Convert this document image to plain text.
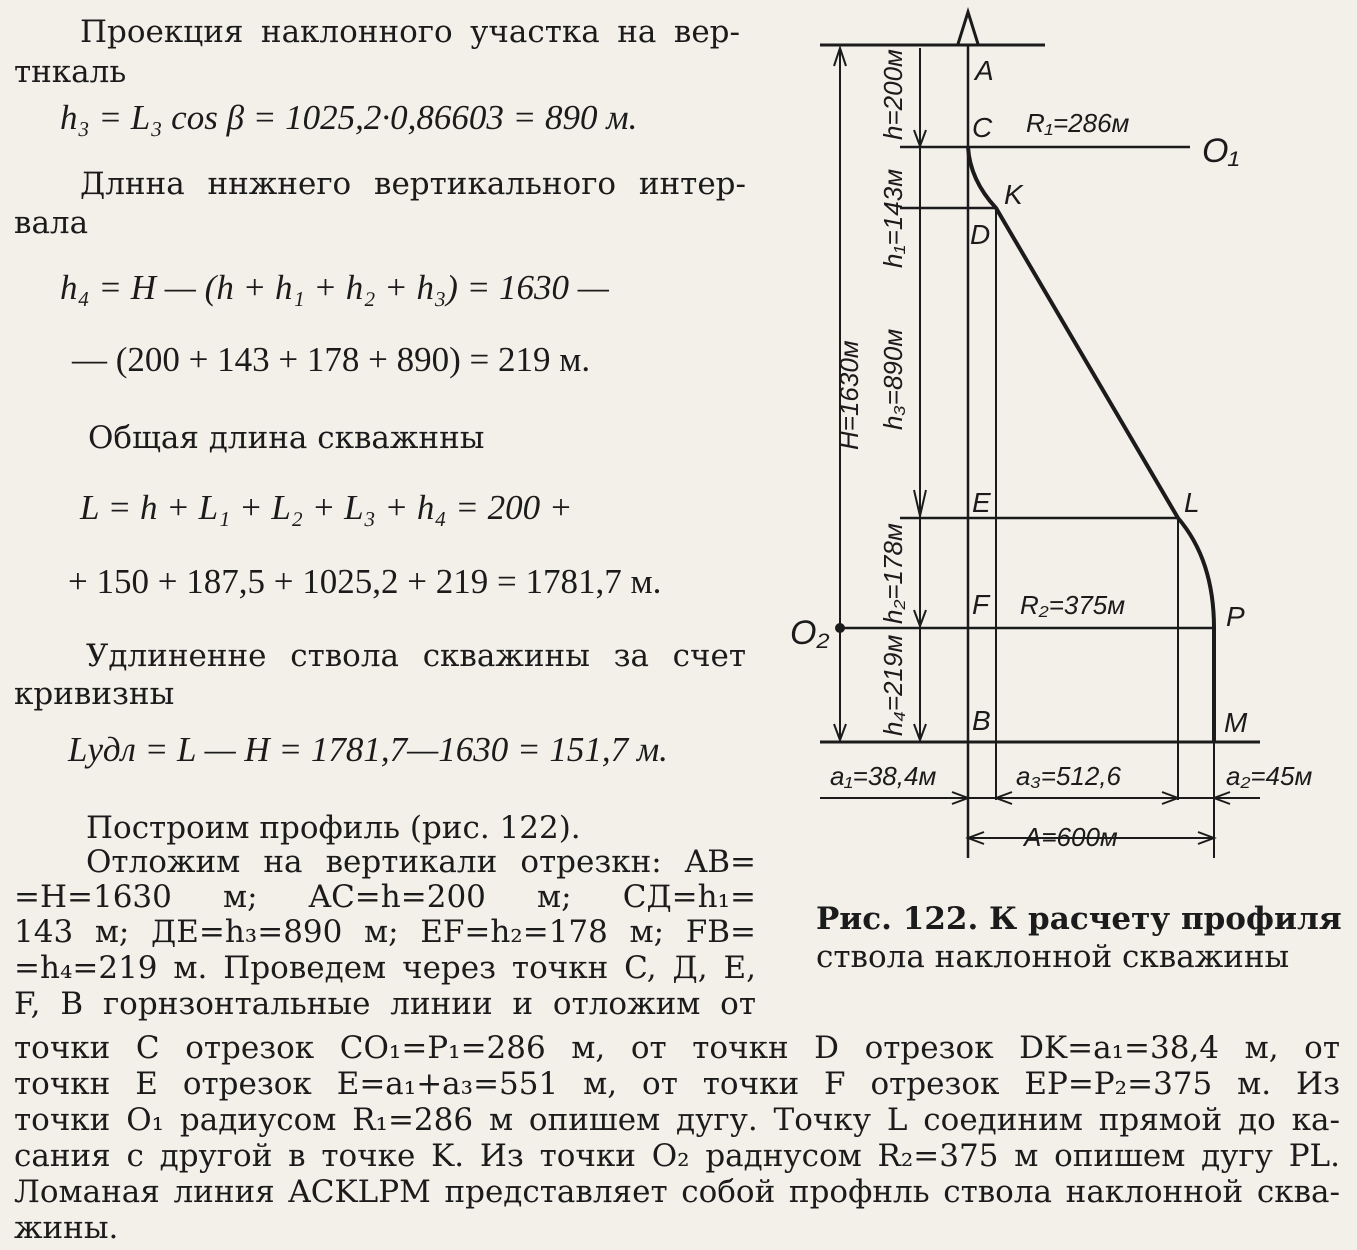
Проекция наклонного участка на вер-
тнкаль
h₃ = L₃ cos β = 1025,2·0,86603 = 890 м.
Длнна ннжнего вертикального интер-
вала
h₄ = H — (h + h₁ + h₂ + h₃) = 1630 —
— (200 + 143 + 178 + 890) = 219 м.
Общая длина скважнны
L = h + L₁ + L₂ + L₃ + h₄ = 200 +
+ 150 + 187,5 + 1025,2 + 219 = 1781,7 м.
Удлиненне ствола скважины за счет
кривизны
Lудл = L — H = 1781,7—1630 = 151,7 м.
Построим профиль (рис. 122).
Отложим на вертикали отрезкн: AB=
=H=1630 м; AC=h=200 м; CД=h₁=
143 м; ДE=h₃=890 м; EF=h₂=178 м; FB=
=h₄=219 м. Проведем через точкн C, Д, E,
F, B горнзонтальные линии и отложим от
точки C отрезок CO₁=P₁=286 м, от точкн D отрезок DK=a₁=38,4 м, от
точкн E отрезок E=a₁+a₃=551 м, от точки F отрезок EP=P₂=375 м. Из
точки O₁ радиусом R₁=286 м опишем дугу. Точку L соединим прямой до ка-
сания с другой в точке K. Из точки O₂ раднусом R₂=375 м опишем дугу PL.
Ломаная линия ACKLPM представляет собой профнль ствола наклонной сква-
жины.
Рис. 122. К расчету профиля
ствола наклонной скважины
A
C
K
D
E	L
F	P
B	M
O₁
O₂
R₁=286м
R₂=375м
a₁=38,4м	a₃=512,6	a₂=45м
A=600м
h=200м
h₁=143м
h₃=890м
h₂=178м
h₄=219м
H=1630м
